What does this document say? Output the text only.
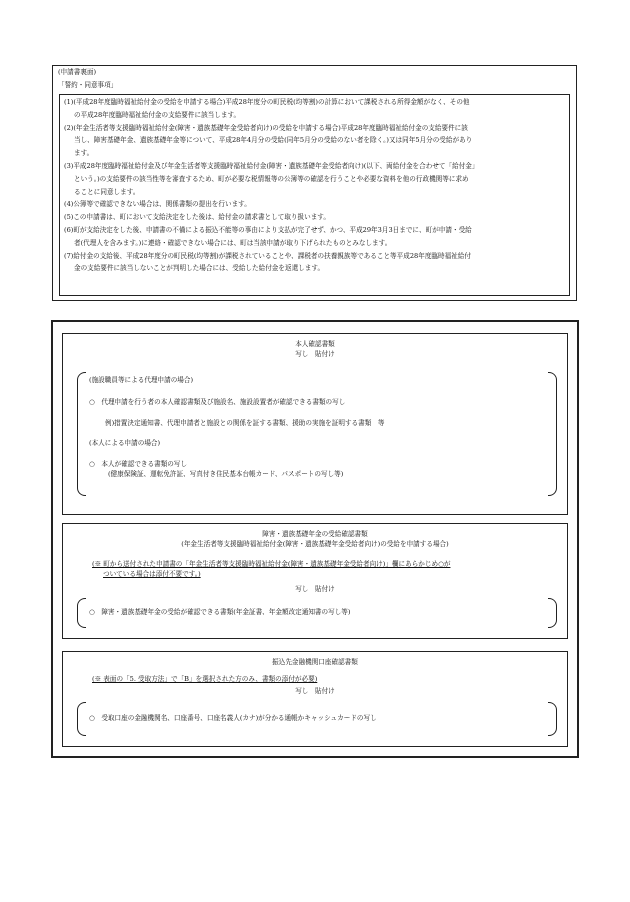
(申請書裏面)
「誓約・同意事項」
(1)(平成28年度臨時福祉給付金の受給を申請する場合)平成28年度分の町民税(均等割)の計算において課税される所得金額がなく、その他
の平成28年度臨時福祉給付金の支給要件に該当します。
(2)(年金生活者等支援臨時福祉給付金(障害・遺族基礎年金受給者向け)の受給を申請する場合)平成28年度臨時福祉給付金の支給要件に該
当し、障害基礎年金、遺族基礎年金等について、平成28年4月分の受給(同年5月分の受給のない者を除く。)又は同年5月分の受給があり
ます。
(3)平成28年度臨時福祉給付金及び年金生活者等支援臨時福祉給付金(障害・遺族基礎年金受給者向け)(以下、両給付金を合わせて「給付金」
という。)の支給要件の該当性等を審査するため、町が必要な税情報等の公簿等の確認を行うことや必要な資料を他の行政機関等に求め
ることに同意します。
(4)公簿等で確認できない場合は、関係書類の提出を行います。
(5)この申請書は、町において支給決定をした後は、給付金の請求書として取り扱います。
(6)町が支給決定をした後、申請書の不備による振込不能等の事由により支払が完了せず、かつ、平成29年3月3日までに、町が申請・受給
者(代理人を含みます。)に連絡・確認できない場合には、町は当該申請が取り下げられたものとみなします。
(7)給付金の支給後、平成28年度分の町民税(均等割)が課税されていることや、課税者の扶養親族等であること等平成28年度臨時福祉給付
金の支給要件に該当しないことが判明した場合には、受給した給付金を返還します。
本人確認書類
写し　貼付け
(施設職員等による代理申請の場合)
○　代理申請を行う者の本人確認書類及び施設名、施設設置者が確認できる書類の写し
例)措置決定通知書、代理申請者と施設との関係を証する書類、援助の実施を証明する書類　等
(本人による申請の場合)
○　本人が確認できる書類の写し
(健康保険証、運転免許証、写真付き住民基本台帳カード、パスポートの写し等)
障害・遺族基礎年金の受給確認書類
(年金生活者等支援臨時福祉給付金(障害・遺族基礎年金受給者向け)の受給を申請する場合)
(※ 町から送付された申請書の「年金生活者等支援臨時福祉給付金(障害・遺族基礎年金受給者向け)」欄にあらかじめ○が
ついている場合は添付不要です。)
写し　貼付け
○　障害・遺族基礎年金の受給が確認できる書類(年金証書、年金額改定通知書の写し等)
振込先金融機関口座確認書類
(※ 表面の「5. 受取方法」で「B」を選択された方のみ、書類の添付が必要)
写し　貼付け
○　受取口座の金融機関名、口座番号、口座名義人(カナ)が分かる通帳かキャッシュカードの写し
